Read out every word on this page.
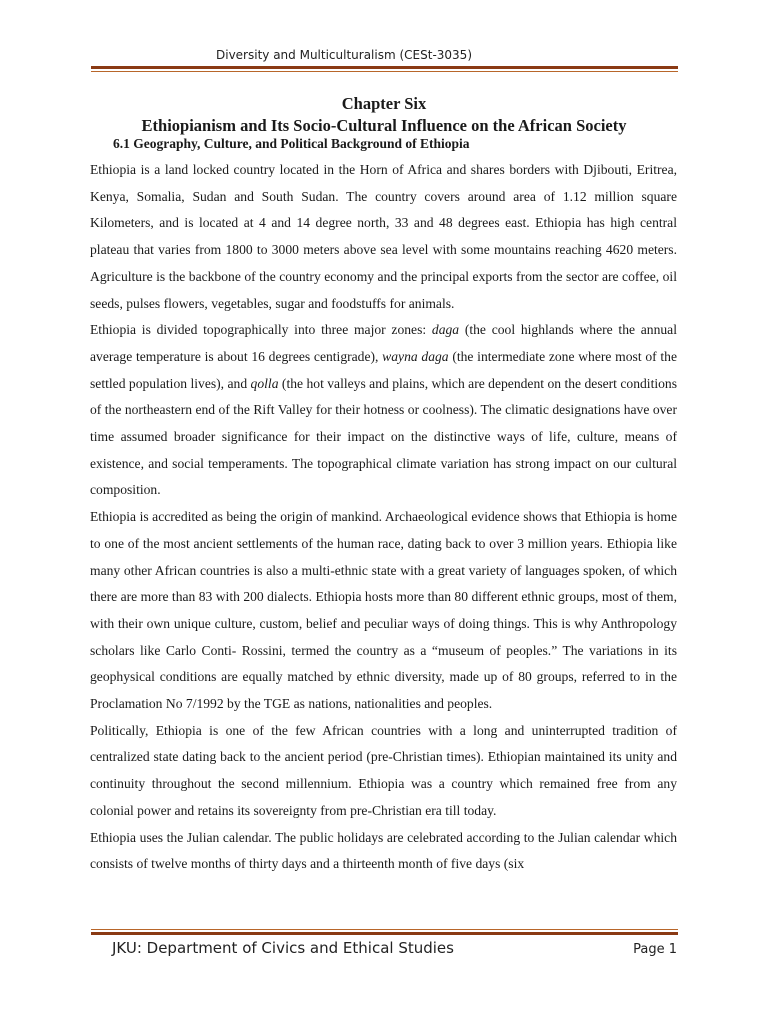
Diversity and Multiculturalism (CESt-3035)
Chapter Six
Ethiopianism and Its Socio-Cultural Influence on the African Society
6.1 Geography, Culture, and Political Background of Ethiopia

Ethiopia is a land locked country located in the Horn of Africa and shares borders with Djibouti, Eritrea, Kenya, Somalia, Sudan and South Sudan. The country covers around area of 1.12 million square Kilometers, and is located at 4 and 14 degree north, 33 and 48 degrees east. Ethiopia has high central plateau that varies from 1800 to 3000 meters above sea level with some mountains reaching 4620 meters. Agriculture is the backbone of the country economy and the principal exports from the sector are coffee, oil seeds, pulses flowers, vegetables, sugar and foodstuffs for animals.

Ethiopia is divided topographically into three major zones: daga (the cool highlands where the annual average temperature is about 16 degrees centigrade), wayna daga (the intermediate zone where most of the settled population lives), and qolla (the hot valleys and plains, which are dependent on the desert conditions of the northeastern end of the Rift Valley for their hotness or coolness). The climatic designations have over time assumed broader significance for their impact on the distinctive ways of life, culture, means of existence, and social temperaments. The topographical climate variation has strong impact on our cultural composition.

Ethiopia is accredited as being the origin of mankind. Archaeological evidence shows that Ethiopia is home to one of the most ancient settlements of the human race, dating back to over 3 million years. Ethiopia like many other African countries is also a multi-ethnic state with a great variety of languages spoken, of which there are more than 83 with 200 dialects. Ethiopia hosts more than 80 different ethnic groups, most of them, with their own unique culture, custom, belief and peculiar ways of doing things. This is why Anthropology scholars like Carlo Conti- Rossini, termed the country as a “museum of peoples.” The variations in its geophysical conditions are equally matched by ethnic diversity, made up of 80 groups, referred to in the Proclamation No 7/1992 by the TGE as nations, nationalities and peoples.

Politically, Ethiopia is one of the few African countries with a long and uninterrupted tradition of centralized state dating back to the ancient period (pre-Christian times). Ethiopian maintained its unity and continuity throughout the second millennium. Ethiopia was a country which remained free from any colonial power and retains its sovereignty from pre-Christian era till today.

Ethiopia uses the Julian calendar. The public holidays are celebrated according to the Julian calendar which consists of twelve months of thirty days and a thirteenth month of five days (six

JKU: Department of Civics and Ethical Studies	Page 1
